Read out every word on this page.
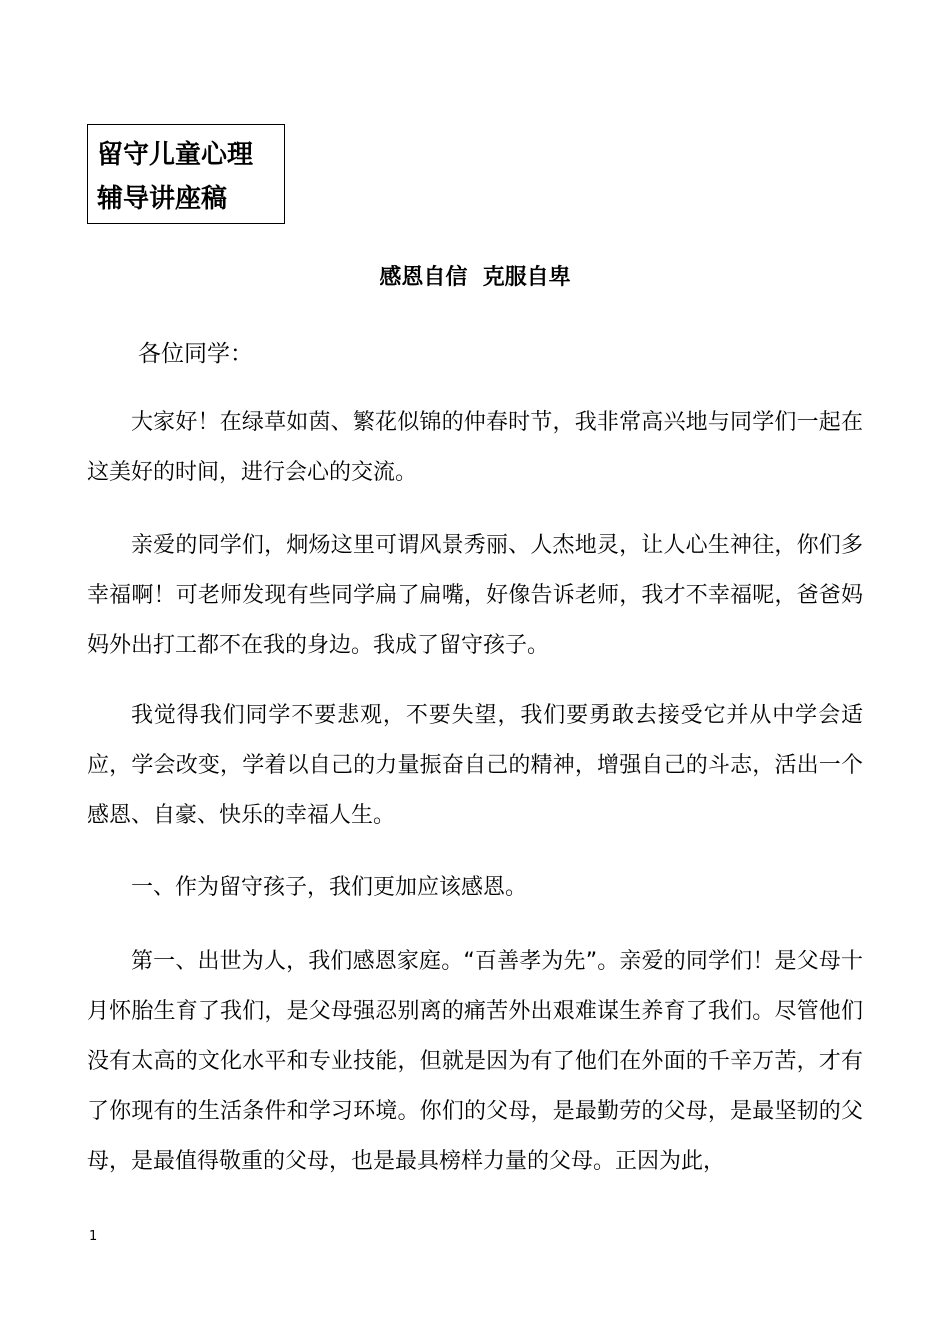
留守儿童心理
辅导讲座稿
感恩自信  克服自卑
各位同学：

大家好！在绿草如茵、繁花似锦的仲春时节，我非常高兴地与同学们一起在这美好的时间，进行会心的交流。

亲爱的同学们，炯炀这里可谓风景秀丽、人杰地灵，让人心生神往，你们多幸福啊！可老师发现有些同学扁了扁嘴，好像告诉老师，我才不幸福呢，爸爸妈妈外出打工都不在我的身边。我成了留守孩子。

我觉得我们同学不要悲观，不要失望，我们要勇敢去接受它并从中学会适应，学会改变，学着以自己的力量振奋自己的精神，增强自己的斗志，活出一个感恩、自豪、快乐的幸福人生。

一、作为留守孩子，我们更加应该感恩。

第一、出世为人，我们感恩家庭。“百善孝为先”。亲爱的同学们！是父母十月怀胎生育了我们，是父母强忍别离的痛苦外出艰难谋生养育了我们。尽管他们没有太高的文化水平和专业技能，但就是因为有了他们在外面的千辛万苦，才有了你现有的生活条件和学习环境。你们的父母，是最勤劳的父母，是最坚韧的父母，是最值得敬重的父母，也是最具榜样力量的父母。正因为此，

1
